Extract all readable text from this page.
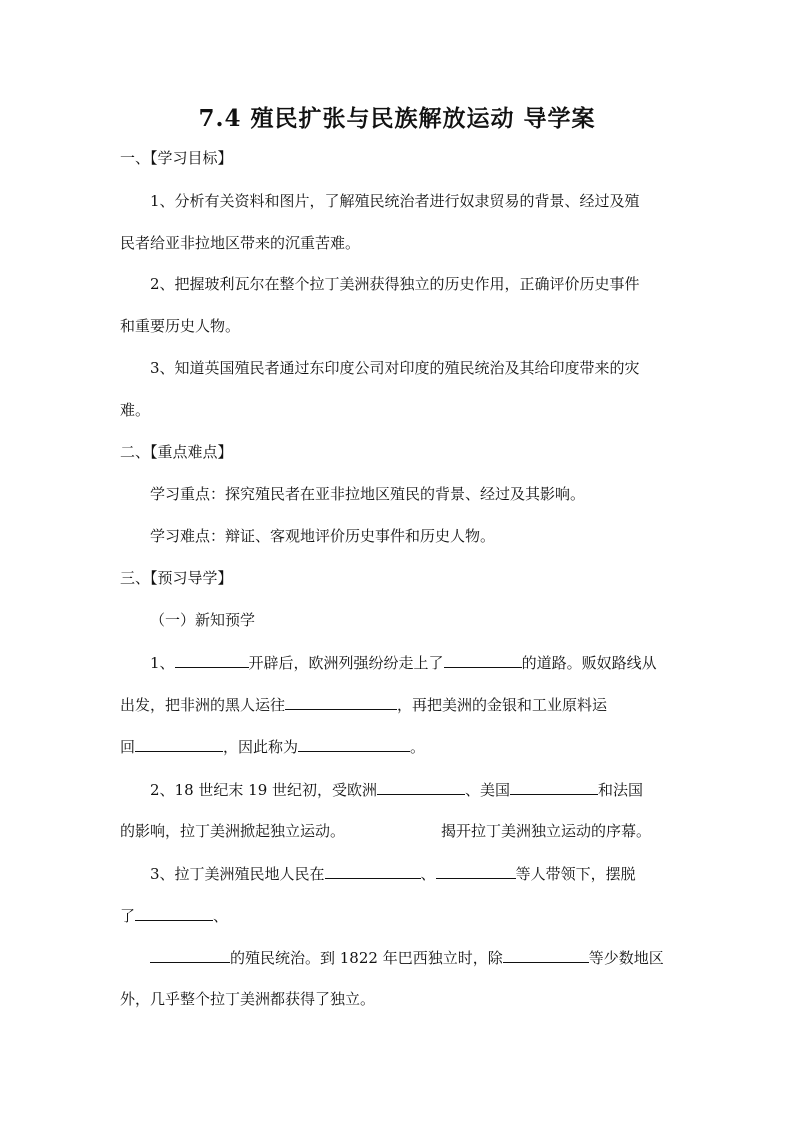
7.4 殖民扩张与民族解放运动 导学案
一、【学习目标】
1、分析有关资料和图片，了解殖民统治者进行奴隶贸易的背景、经过及殖
民者给亚非拉地区带来的沉重苦难。
2、把握玻利瓦尔在整个拉丁美洲获得独立的历史作用，正确评价历史事件
和重要历史人物。
3、知道英国殖民者通过东印度公司对印度的殖民统治及其给印度带来的灾
难。
二、【重点难点】
学习重点：探究殖民者在亚非拉地区殖民的背景、经过及其影响。
学习难点：辩证、客观地评价历史事件和历史人物。
三、【预习导学】
（一）新知预学
1、	开辟后，欧洲列强纷纷走上了	的道路。贩奴路线从
出发，把非洲的黑人运往	，再把美洲的金银和工业原料运
回	，因此称为	。
2、18 世纪末 19 世纪初，受欧洲	、美国	和法国
的影响，拉丁美洲掀起独立运动。	揭开拉丁美洲独立运动的序幕。
3、拉丁美洲殖民地人民在	、	等人带领下，摆脱
了	、
的殖民统治。到 1822 年巴西独立时，除	等少数地区
外，几乎整个拉丁美洲都获得了独立。
